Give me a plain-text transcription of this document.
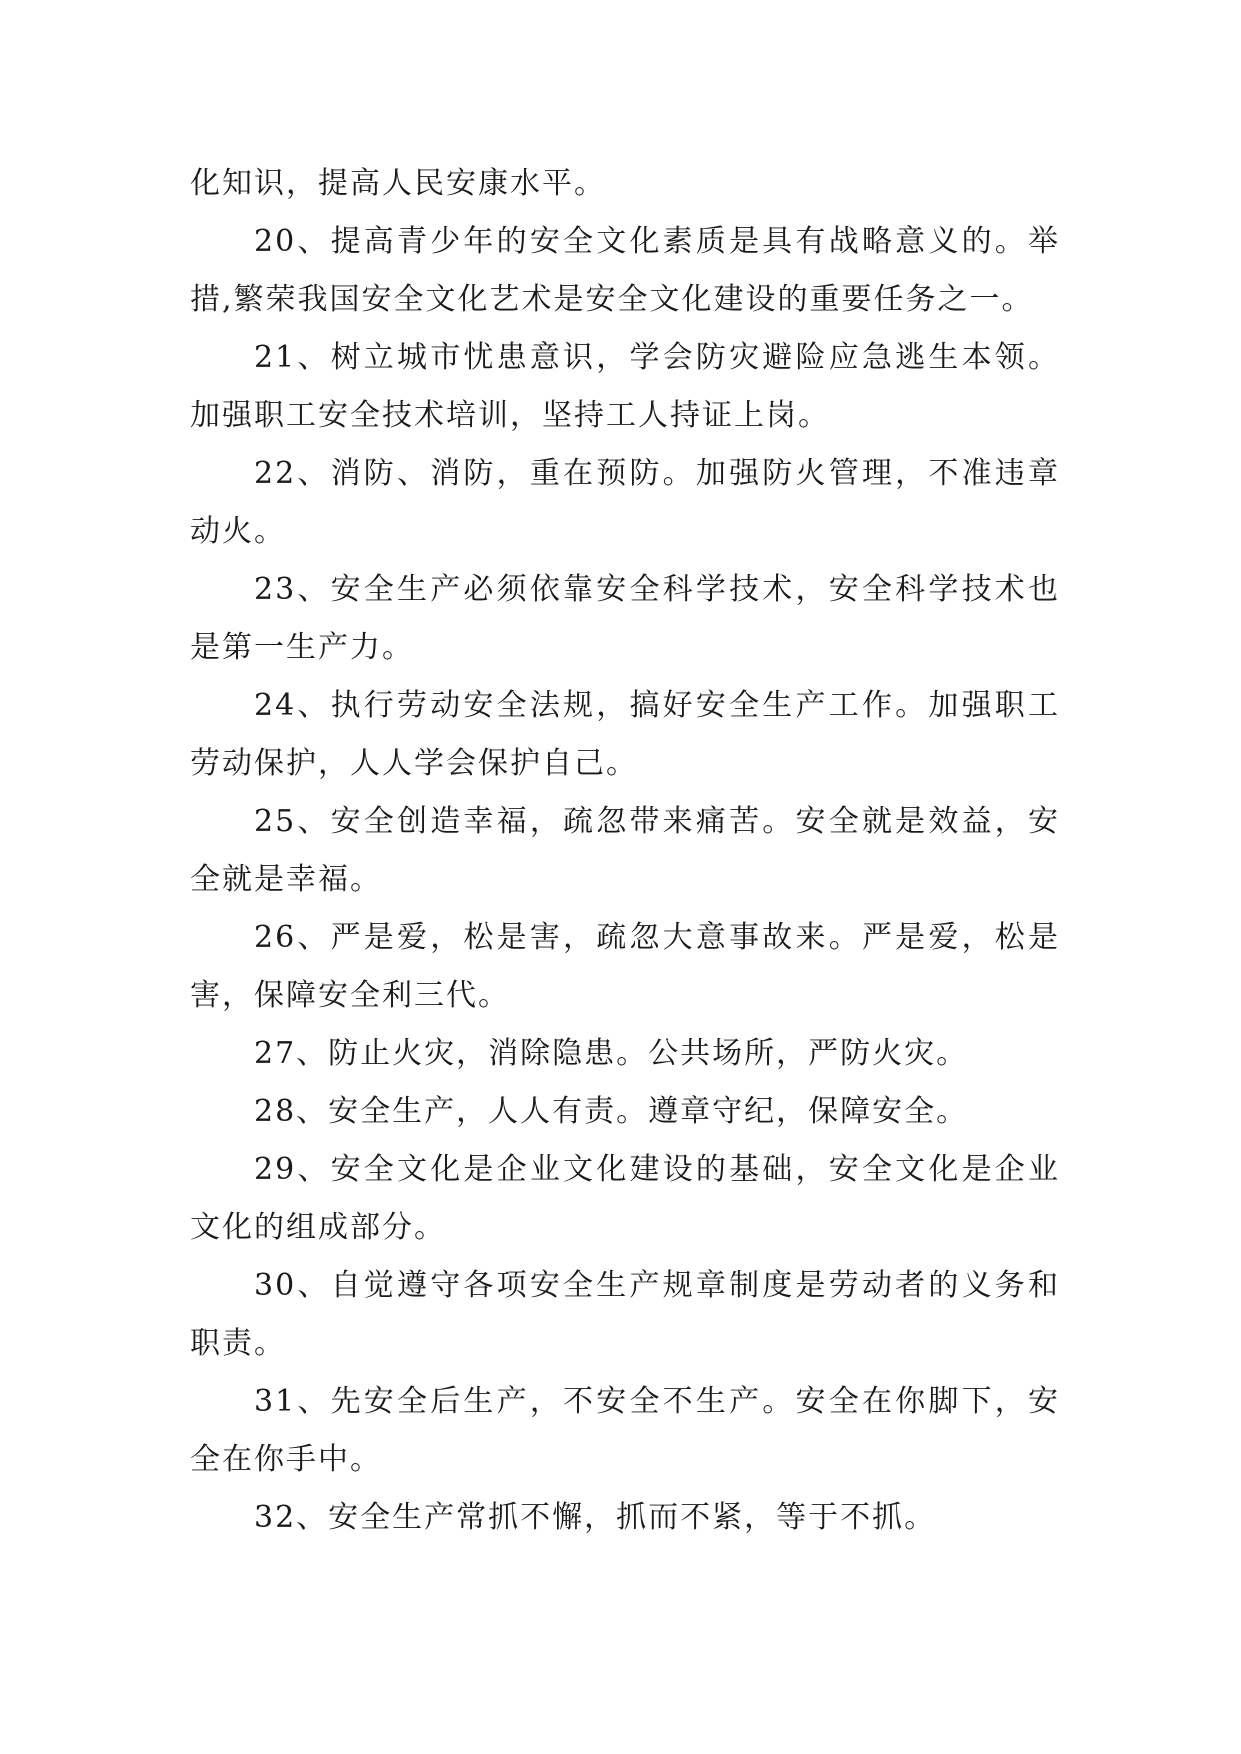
化知识，提高人民安康水平。

20、提高青少年的安全文化素质是具有战略意义的。举措,繁荣我国安全文化艺术是安全文化建设的重要任务之一。

21、树立城市忧患意识，学会防灾避险应急逃生本领。加强职工安全技术培训，坚持工人持证上岗。

22、消防、消防，重在预防。加强防火管理，不准违章动火。

23、安全生产必须依靠安全科学技术，安全科学技术也是第一生产力。

24、执行劳动安全法规，搞好安全生产工作。加强职工劳动保护，人人学会保护自己。

25、安全创造幸福，疏忽带来痛苦。安全就是效益，安全就是幸福。

26、严是爱，松是害，疏忽大意事故来。严是爱，松是害，保障安全利三代。

27、防止火灾，消除隐患。公共场所，严防火灾。

28、安全生产，人人有责。遵章守纪，保障安全。

29、安全文化是企业文化建设的基础，安全文化是企业文化的组成部分。

30、自觉遵守各项安全生产规章制度是劳动者的义务和职责。

31、先安全后生产，不安全不生产。安全在你脚下，安全在你手中。

32、安全生产常抓不懈，抓而不紧，等于不抓。
